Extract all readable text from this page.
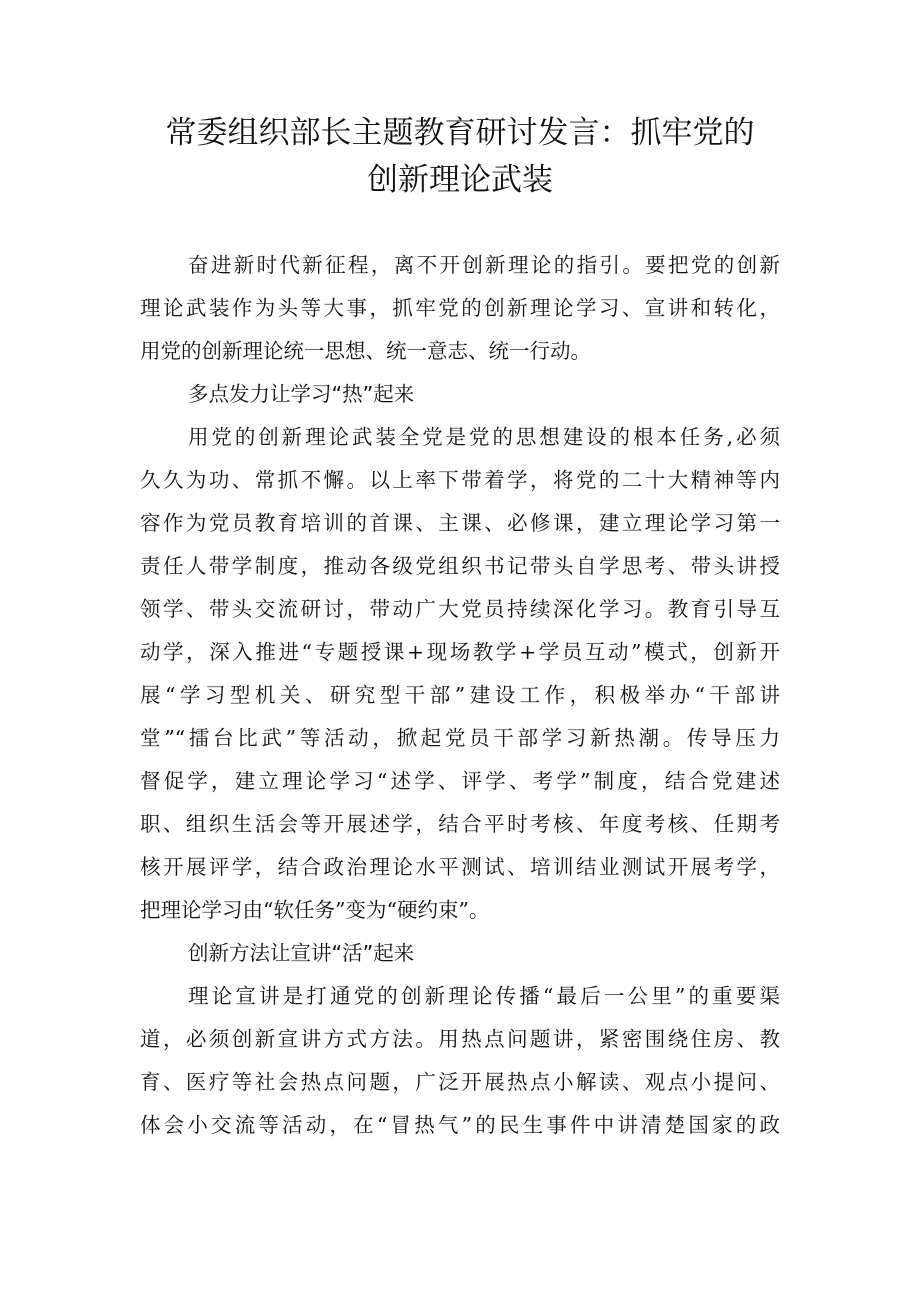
常委组织部长主题教育研讨发言：抓牢党的
创新理论武装
奋进新时代新征程，离不开创新理论的指引。要把党的创新
理论武装作为头等大事，抓牢党的创新理论学习、宣讲和转化，
用党的创新理论统一思想、统一意志、统一行动。
多点发力让学习“热”起来
用党的创新理论武装全党是党的思想建设的根本任务,必须
久久为功、常抓不懈。以上率下带着学，将党的二十大精神等内
容作为党员教育培训的首课、主课、必修课，建立理论学习第一
责任人带学制度，推动各级党组织书记带头自学思考、带头讲授
领学、带头交流研讨，带动广大党员持续深化学习。教育引导互
动学，深入推进“专题授课+现场教学+学员互动”模式，创新开
展“学习型机关、研究型干部”建设工作，积极举办“干部讲
堂”“擂台比武”等活动，掀起党员干部学习新热潮。传导压力
督促学，建立理论学习“述学、评学、考学”制度，结合党建述
职、组织生活会等开展述学，结合平时考核、年度考核、任期考
核开展评学，结合政治理论水平测试、培训结业测试开展考学，
把理论学习由“软任务”变为“硬约束”。
创新方法让宣讲“活”起来
理论宣讲是打通党的创新理论传播“最后一公里”的重要渠
道，必须创新宣讲方式方法。用热点问题讲，紧密围绕住房、教
育、医疗等社会热点问题，广泛开展热点小解读、观点小提问、
体会小交流等活动，在“冒热气”的民生事件中讲清楚国家的政
